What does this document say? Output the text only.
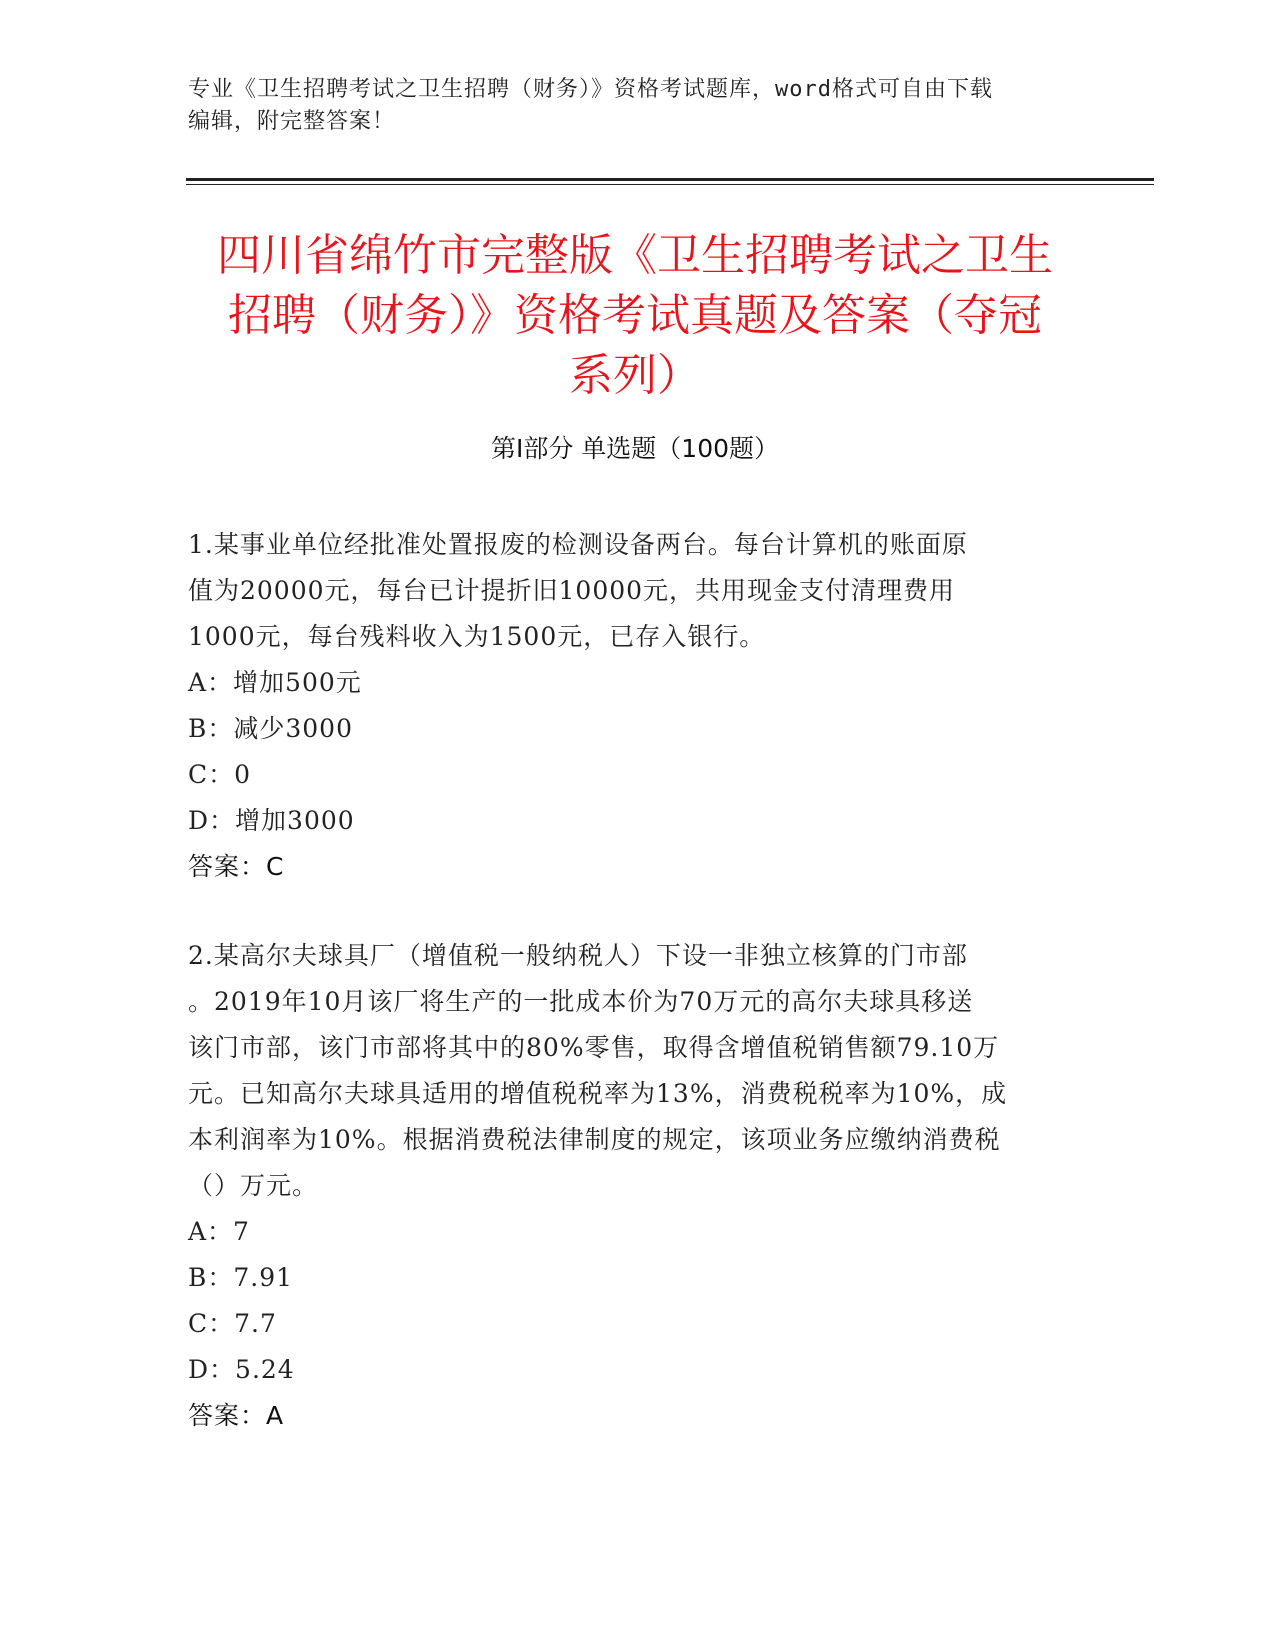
专业《卫生招聘考试之卫生招聘（财务）》资格考试题库，word格式可自由下载
编辑，附完整答案！
四川省绵竹市完整版《卫生招聘考试之卫生
招聘（财务）》资格考试真题及答案（夺冠
系列）
第Ⅰ部分 单选题（100题）

1.某事业单位经批准处置报废的检测设备两台。每台计算机的账面原

值为20000元，每台已计提折旧10000元，共用现金支付清理费用

1000元，每台残料收入为1500元，已存入银行。

A：增加500元

B：减少3000

C：0

D：增加3000

答案：C

2.某高尔夫球具厂（增值税一般纳税人）下设一非独立核算的门市部

。2019年10月该厂将生产的一批成本价为70万元的高尔夫球具移送

该门市部，该门市部将其中的80%零售，取得含增值税销售额79.10万

元。已知高尔夫球具适用的增值税税率为13%，消费税税率为10%，成

本利润率为10%。根据消费税法律制度的规定，该项业务应缴纳消费税

（）万元。

A：7

B：7.91

C：7.7

D：5.24

答案：A
